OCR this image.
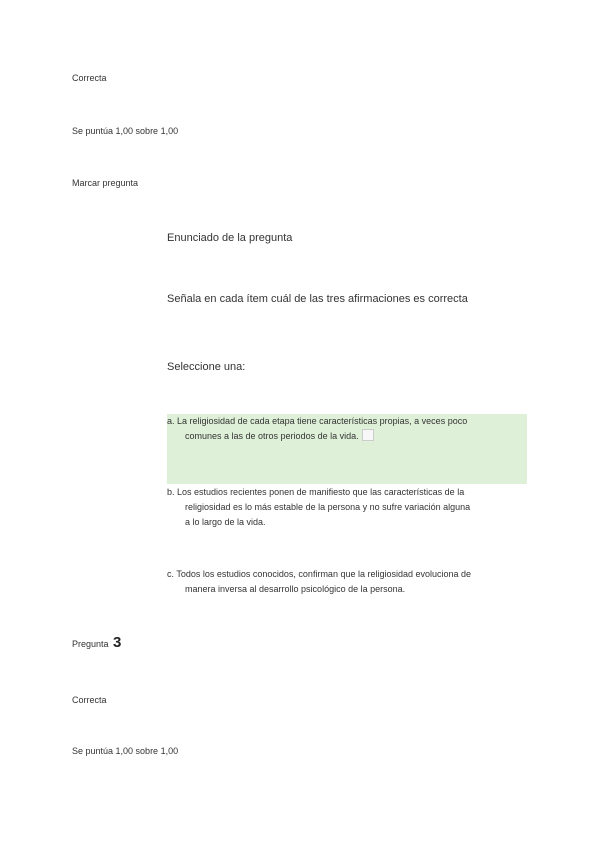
Correcta
Se puntúa 1,00 sobre 1,00
Marcar pregunta
Enunciado de la pregunta
Señala en cada ítem cuál de las tres afirmaciones es correcta
Seleccione una:
a. La religiosidad de cada etapa tiene características propias, a veces poco
comunes a las de otros periodos de la vida.
b. Los estudios recientes ponen de manifiesto que las características de la
religiosidad es lo más estable de la persona y no sufre variación alguna
a lo largo de la vida.
c. Todos los estudios conocidos, confirman que la religiosidad evoluciona de
manera inversa al desarrollo psicológico de la persona.
Pregunta 3
Correcta
Se puntúa 1,00 sobre 1,00
